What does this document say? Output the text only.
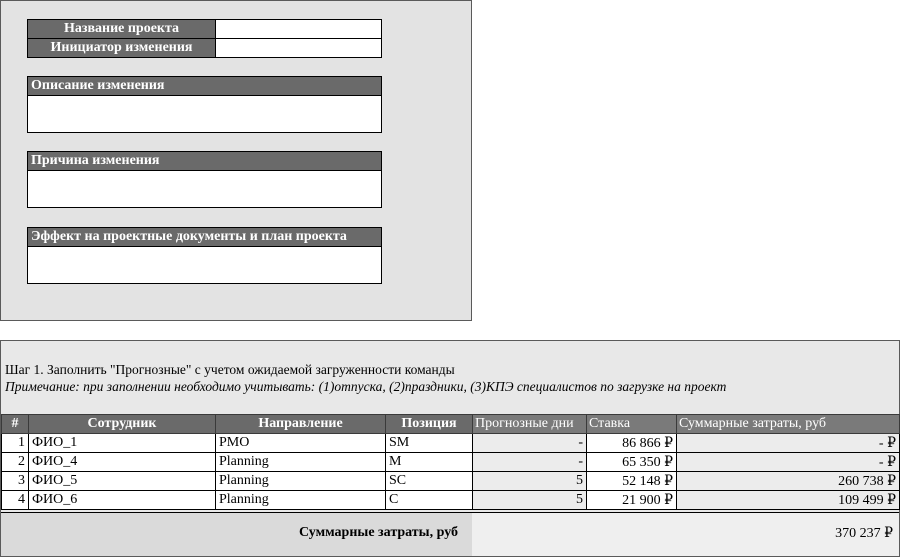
Название проекта	
Инициатор изменения	
Описание изменения
Причина изменения
Эффект на проектные документы и план проекта
Шаг 1. Заполнить "Прогнозные" с учетом ожидаемой загруженности команды
Примечание: при заполнении необходимо учитывать: (1)отпуска, (2)праздники, (3)КПЭ специалистов по загрузке на проект
#	Сотрудник	Направление	Позиция	Прогнозные дни	Ставка	Суммарные затраты, руб
1	ФИО_1	PMO	SM	-	86 866 ₽	- ₽
2	ФИО_4	Planning	M	-	65 350 ₽	- ₽
3	ФИО_5	Planning	SC	5	52 148 ₽	260 738 ₽
4	ФИО_6	Planning	C	5	21 900 ₽	109 499 ₽
Суммарные затраты, руб	370 237 ₽
